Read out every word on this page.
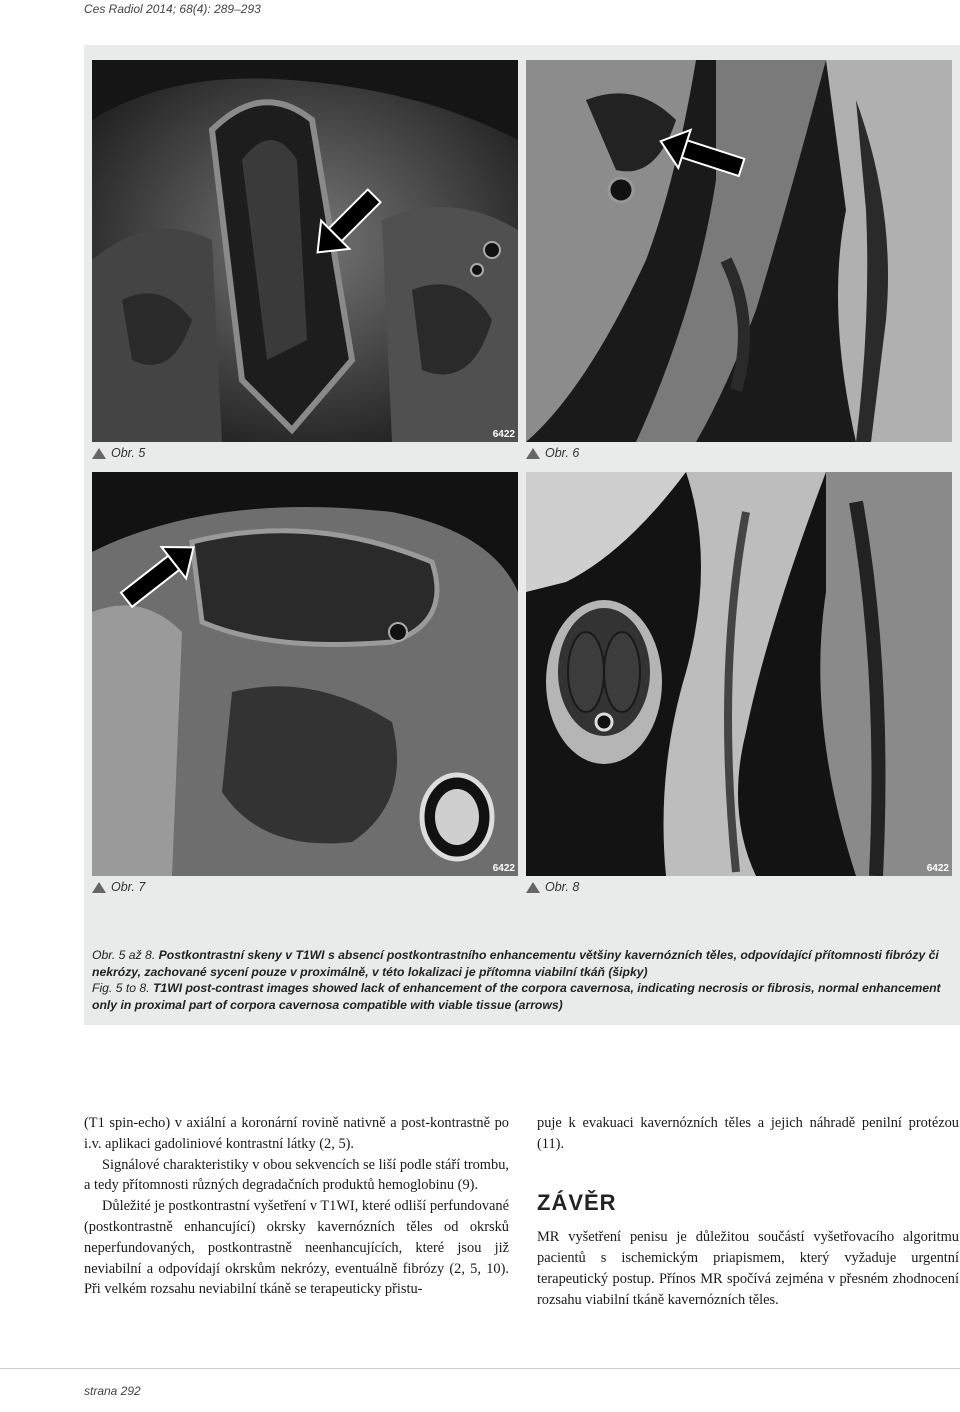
Ces Radiol 2014; 68(4): 289–293
6422
Obr. 5	Obr. 6
6422
Obr. 7
6422
Obr. 8

Obr. 5 až 8. Postkontrastní skeny v T1WI s absencí postkontrastního enhancementu většiny kavernózních těles, odpovídající přítomnosti fibrózy či nekrózy, zachované sycení pouze v proximálně, v této lokalizaci je přítomna viabilní tkáň (šipky)

Fig. 5 to 8. T1WI post-contrast images showed lack of enhancement of the corpora cavernosa, indicating necrosis or fibrosis, normal enhancement only in proximal part of corpora cavernosa compatible with viable tissue (arrows)

(T1 spin-echo) v axiální a koronární rovině nativně a post-kontrastně po i.v. aplikaci gadoliniové kontrastní látky (2, 5).

Signálové charakteristiky v obou sekvencích se liší podle stáří trombu, a tedy přítomnosti různých degradačních produktů hemoglobinu (9).

Důležité je postkontrastní vyšetření v T1WI, které odliší perfundované (postkontrastně enhancující) okrsky kavernózních těles od okrsků neperfundovaných, postkontrastně neenhancujících, které jsou již neviabilní a odpovídají okrskům nekrózy, eventuálně fibrózy (2, 5, 10). Při velkém rozsahu neviabilní tkáně se terapeuticky přistu-

puje k evakuaci kavernózních těles a jejich náhradě penilní protézou (11).

ZÁVĚR

MR vyšetření penisu je důležitou součástí vyšetřovacího algoritmu pacientů s ischemickým priapismem, který vyžaduje urgentní terapeutický postup. Přínos MR spočívá zejména v přesném zhodnocení rozsahu viabilní tkáně kavernózních těles.

strana 292
